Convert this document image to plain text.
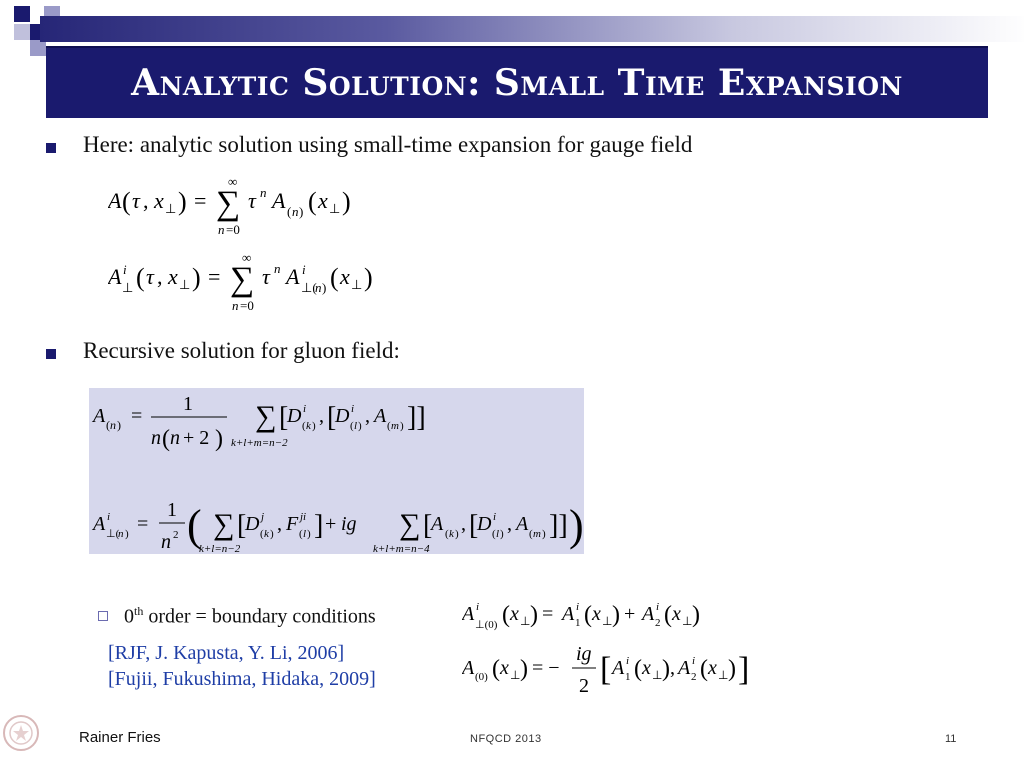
Analytic Solution: Small Time Expansion
Here: analytic solution using small-time expansion for gauge field
A ( τ , x ⊥ ) = ∑
∞
n =0
τ n A ( n ) ( x ⊥ )
A i
⊥ ( τ , x ⊥ ) = ∑
∞
n =0
τ n A i
⊥(
n ) ( x ⊥ )
Recursive solution for gluon field:
A ( n ) =
1
n ( n + 2 )
∑
k+l+m=n−2
[
D i
( k ) , [
D i
( l ) , A ( m ) ]]
A i
⊥(
n ) =
1
n 2 ( ∑
k+l=n−2
[
D j
( k ) , F ji
( l ) ] + ig ∑
k+l+m=n−4
[
A ( k ) , [
D i
( l ) , A ( m ) ]] )
0th order = boundary conditions
[RJF, J. Kapusta, Y. Li, 2006]
[Fujii, Fukushima, Hidaka, 2009]
A i
⊥(0) ( x ⊥ ) = A i
1 ( x ⊥ ) + A i
2 ( x ⊥ )
A (0) ( x ⊥ ) = −
ig
2 [ A i
1 ( x ⊥ ) , A i
2 ( x ⊥ ) ]
Rainer Fries	NFQCD 2013	11
